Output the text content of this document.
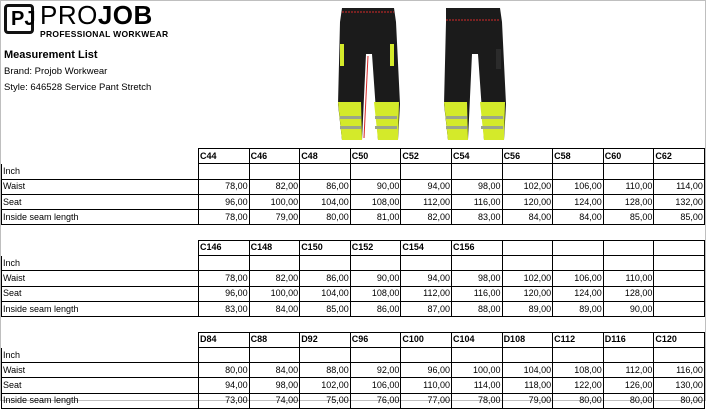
PJ PROJOB
PROFESSIONAL WORKWEAR
Measurement List
Brand: Projob Workwear
Style: 646528 Service Pant Stretch
	C44	C46	C48	C50	C52	C54	C56	C58	C60	C62
Inch										
Waist	78,00	82,00	86,00	90,00	94,00	98,00	102,00	106,00	110,00	114,00
Seat	96,00	100,00	104,00	108,00	112,00	116,00	120,00	124,00	128,00	132,00
Inside seam length	78,00	79,00	80,00	81,00	82,00	83,00	84,00	84,00	85,00	85,00

	C146	C148	C150	C152	C154	C156				
Inch										
Waist	78,00	82,00	86,00	90,00	94,00	98,00	102,00	106,00	110,00	
Seat	96,00	100,00	104,00	108,00	112,00	116,00	120,00	124,00	128,00	
Inside seam length	83,00	84,00	85,00	86,00	87,00	88,00	89,00	89,00	90,00	

	D84	C88	D92	C96	C100	C104	D108	C112	D116	C120
Inch										
Waist	80,00	84,00	88,00	92,00	96,00	100,00	104,00	108,00	112,00	116,00
Seat	94,00	98,00	102,00	106,00	110,00	114,00	118,00	122,00	126,00	130,00
Inside seam length	73,00	74,00	75,00	76,00	77,00	78,00	79,00	80,00	80,00	80,00
